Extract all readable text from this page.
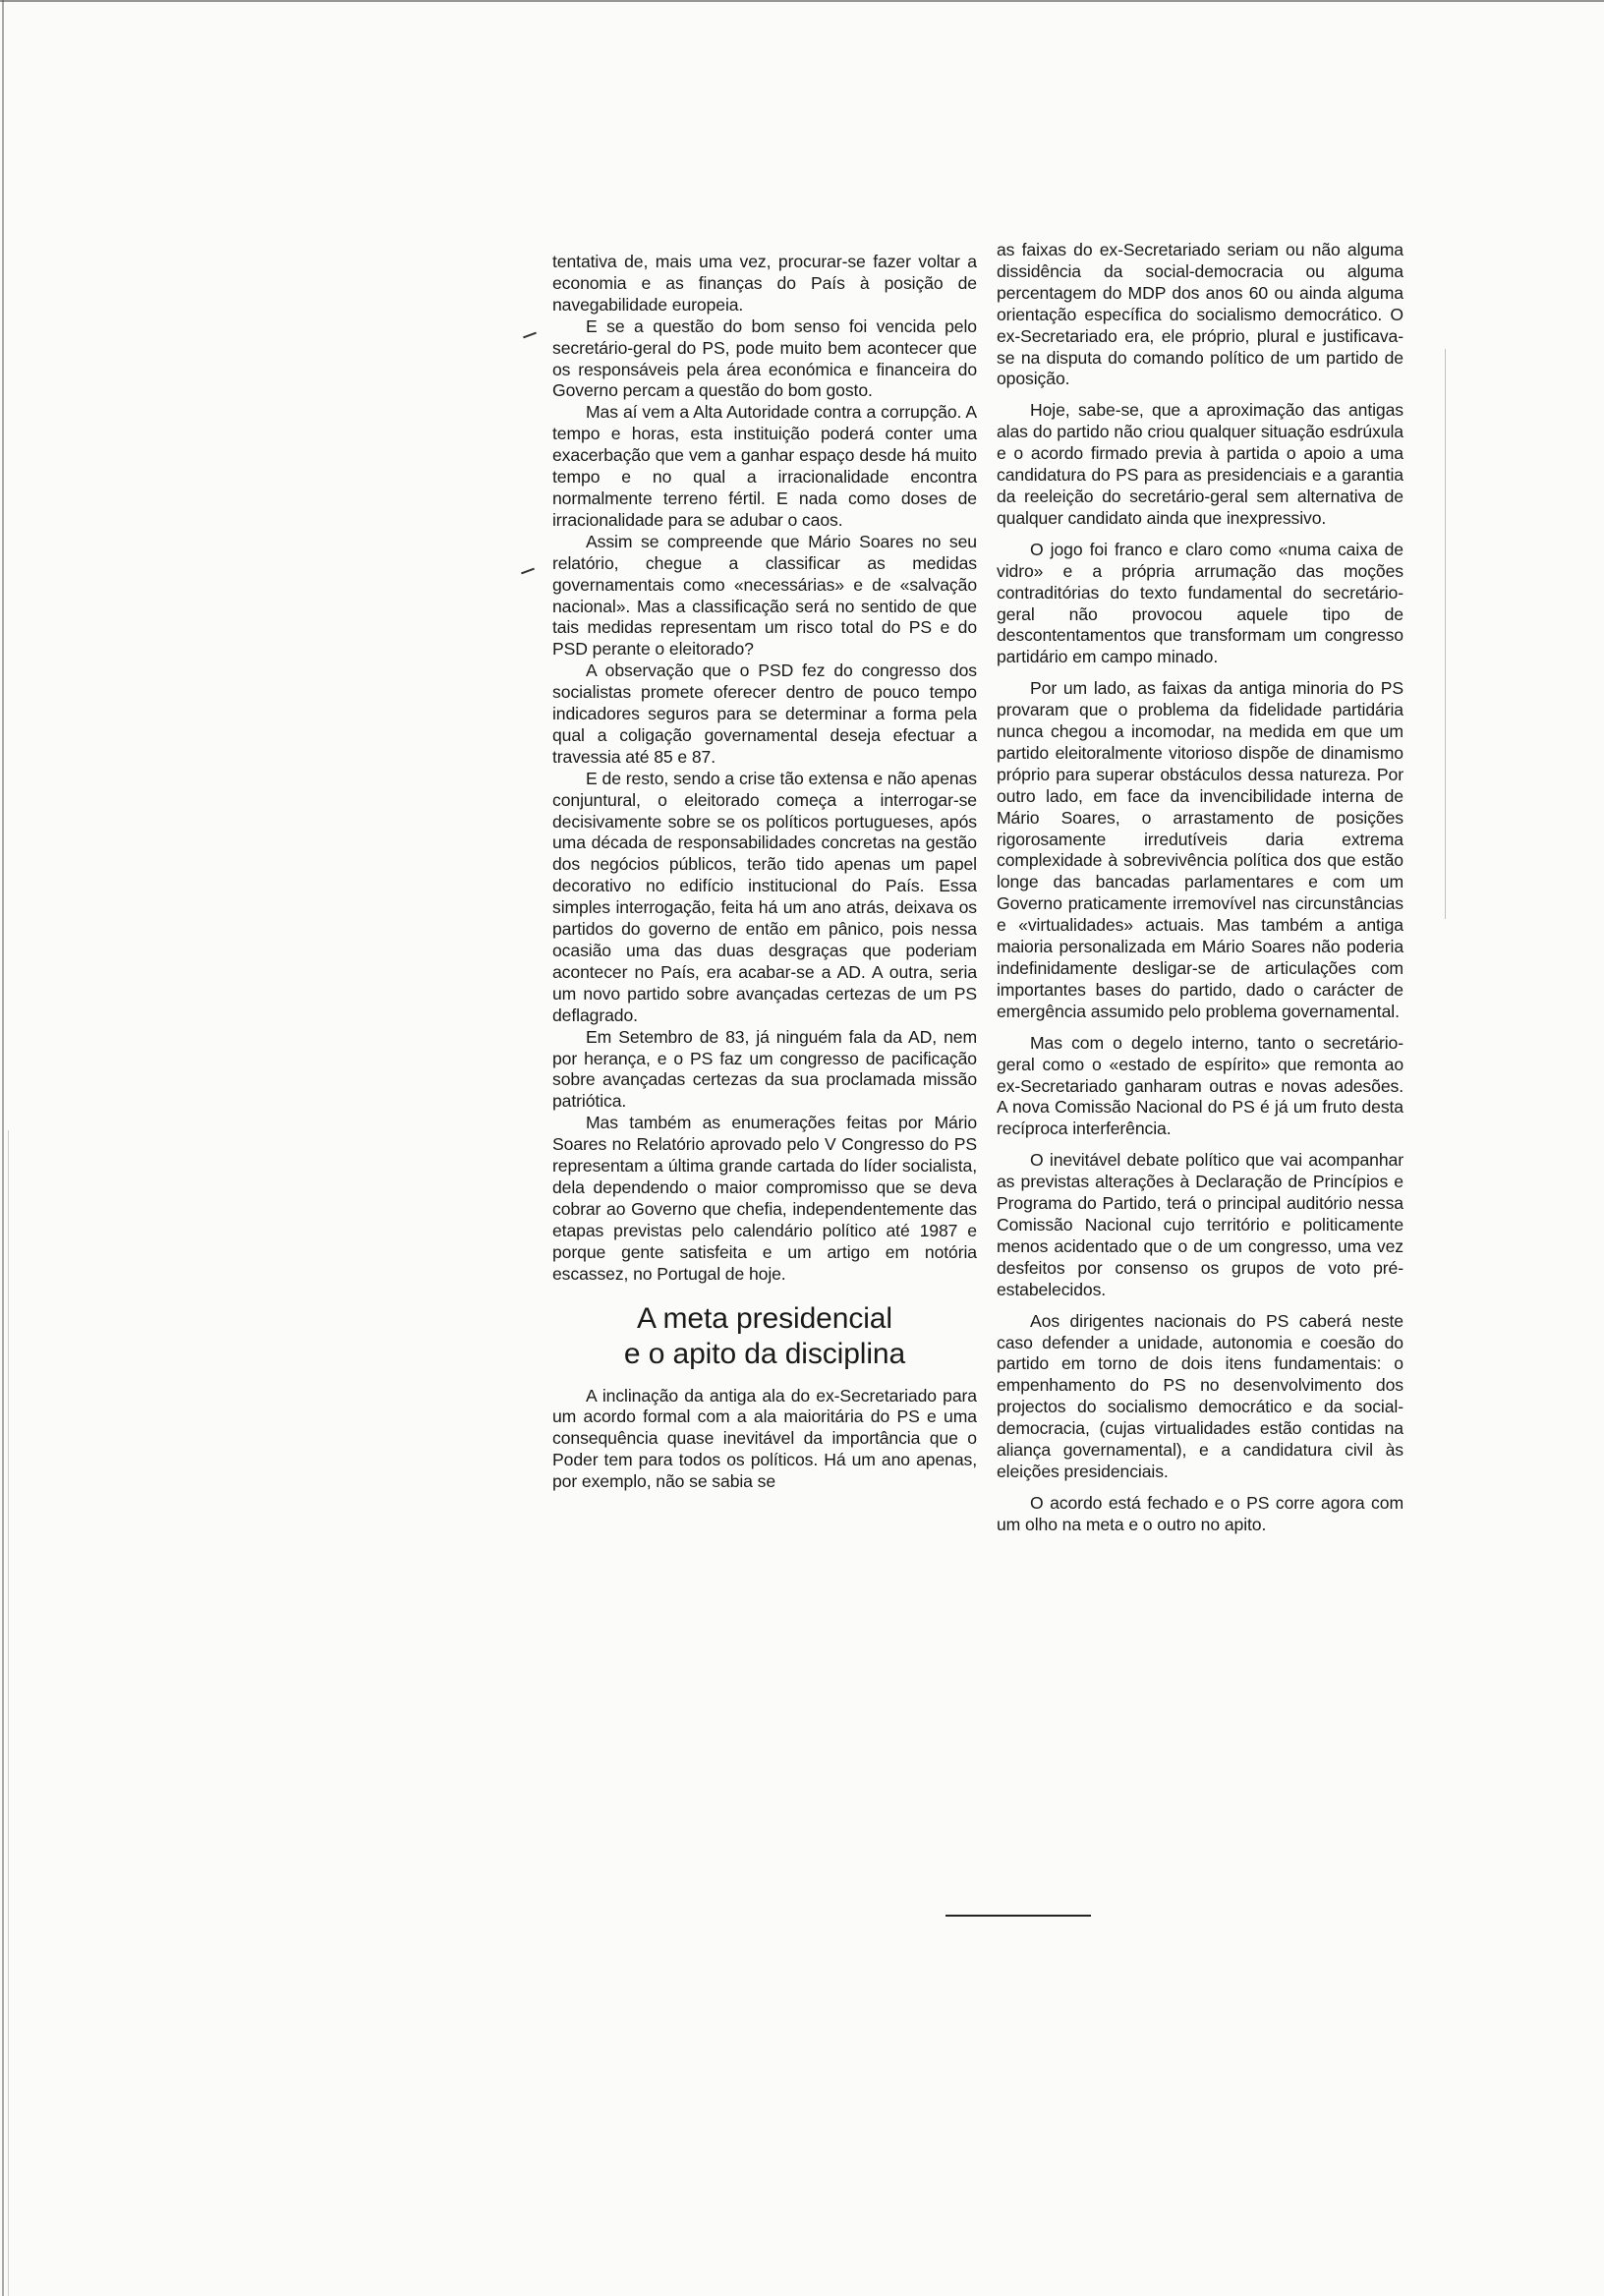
tentativa de, mais uma vez, procurar-se fazer voltar a economia e as finanças do País à posição de navegabilidade europeia.

E se a questão do bom senso foi vencida pelo secretário-geral do PS, pode muito bem acontecer que os responsáveis pela área económica e financeira do Governo percam a questão do bom gosto.

Mas aí vem a Alta Autoridade contra a corrupção. A tempo e horas, esta instituição poderá conter uma exacerbação que vem a ganhar espaço desde há muito tempo e no qual a irracionalidade encontra normalmente terreno fértil. E nada como doses de irracionalidade para se adubar o caos.

Assim se compreende que Mário Soares no seu relatório, chegue a classificar as medidas governamentais como «necessárias» e de «salvação nacional». Mas a classificação será no sentido de que tais medidas representam um risco total do PS e do PSD perante o eleitorado?

A observação que o PSD fez do congresso dos socialistas promete oferecer dentro de pouco tempo indicadores seguros para se determinar a forma pela qual a coligação governamental deseja efectuar a travessia até 85 e 87.

E de resto, sendo a crise tão extensa e não apenas conjuntural, o eleitorado começa a interrogar-se decisivamente sobre se os políticos portugueses, após uma década de responsabilidades concretas na gestão dos negócios públicos, terão tido apenas um papel decorativo no edifício institucional do País. Essa simples interrogação, feita há um ano atrás, deixava os partidos do governo de então em pânico, pois nessa ocasião uma das duas desgraças que poderiam acontecer no País, era acabar-se a AD. A outra, seria um novo partido sobre avançadas certezas de um PS deflagrado.

Em Setembro de 83, já ninguém fala da AD, nem por herança, e o PS faz um congresso de pacificação sobre avançadas certezas da sua proclamada missão patriótica.

Mas também as enumerações feitas por Mário Soares no Relatório aprovado pelo V Congresso do PS representam a última grande cartada do líder socialista, dela dependendo o maior compromisso que se deva cobrar ao Governo que chefia, independentemente das etapas previstas pelo calendário político até 1987 e porque gente satisfeita e um artigo em notória escassez, no Portugal de hoje.

A meta presidencial
e o apito da disciplina

A inclinação da antiga ala do ex-Secretariado para um acordo formal com a ala maioritária do PS e uma consequência quase inevitável da importância que o Poder tem para todos os políticos. Há um ano apenas, por exemplo, não se sabia se

as faixas do ex-Secretariado seriam ou não alguma dissidência da social-democracia ou alguma percentagem do MDP dos anos 60 ou ainda alguma orientação específica do socialismo democrático. O ex-Secretariado era, ele próprio, plural e justificava-se na disputa do comando político de um partido de oposição.

Hoje, sabe-se, que a aproximação das antigas alas do partido não criou qualquer situação esdrúxula e o acordo firmado previa à partida o apoio a uma candidatura do PS para as presidenciais e a garantia da reeleição do secretário-geral sem alternativa de qualquer candidato ainda que inexpressivo.

O jogo foi franco e claro como «numa caixa de vidro» e a própria arrumação das moções contraditórias do texto fundamental do secretário-geral não provocou aquele tipo de descontentamentos que transformam um congresso partidário em campo minado.

Por um lado, as faixas da antiga minoria do PS provaram que o problema da fidelidade partidária nunca chegou a incomodar, na medida em que um partido eleitoralmente vitorioso dispõe de dinamismo próprio para superar obstáculos dessa natureza. Por outro lado, em face da invencibilidade interna de Mário Soares, o arrastamento de posições rigorosamente irredutíveis daria extrema complexidade à sobrevivência política dos que estão longe das bancadas parlamentares e com um Governo praticamente irremovível nas circunstâncias e «virtualidades» actuais. Mas também a antiga maioria personalizada em Mário Soares não poderia indefinidamente desligar-se de articulações com importantes bases do partido, dado o carácter de emergência assumido pelo problema governamental.

Mas com o degelo interno, tanto o secretário-geral como o «estado de espírito» que remonta ao ex-Secretariado ganharam outras e novas adesões. A nova Comissão Nacional do PS é já um fruto desta recíproca interferência.

O inevitável debate político que vai acompanhar as previstas alterações à Declaração de Princípios e Programa do Partido, terá o principal auditório nessa Comissão Nacional cujo território e politicamente menos acidentado que o de um congresso, uma vez desfeitos por consenso os grupos de voto pré-estabelecidos.

Aos dirigentes nacionais do PS caberá neste caso defender a unidade, autonomia e coesão do partido em torno de dois itens fundamentais: o empenhamento do PS no desenvolvimento dos projectos do socialismo democrático e da social-democracia, (cujas virtualidades estão contidas na aliança governamental), e a candidatura civil às eleições presidenciais.

O acordo está fechado e o PS corre agora com um olho na meta e o outro no apito.
